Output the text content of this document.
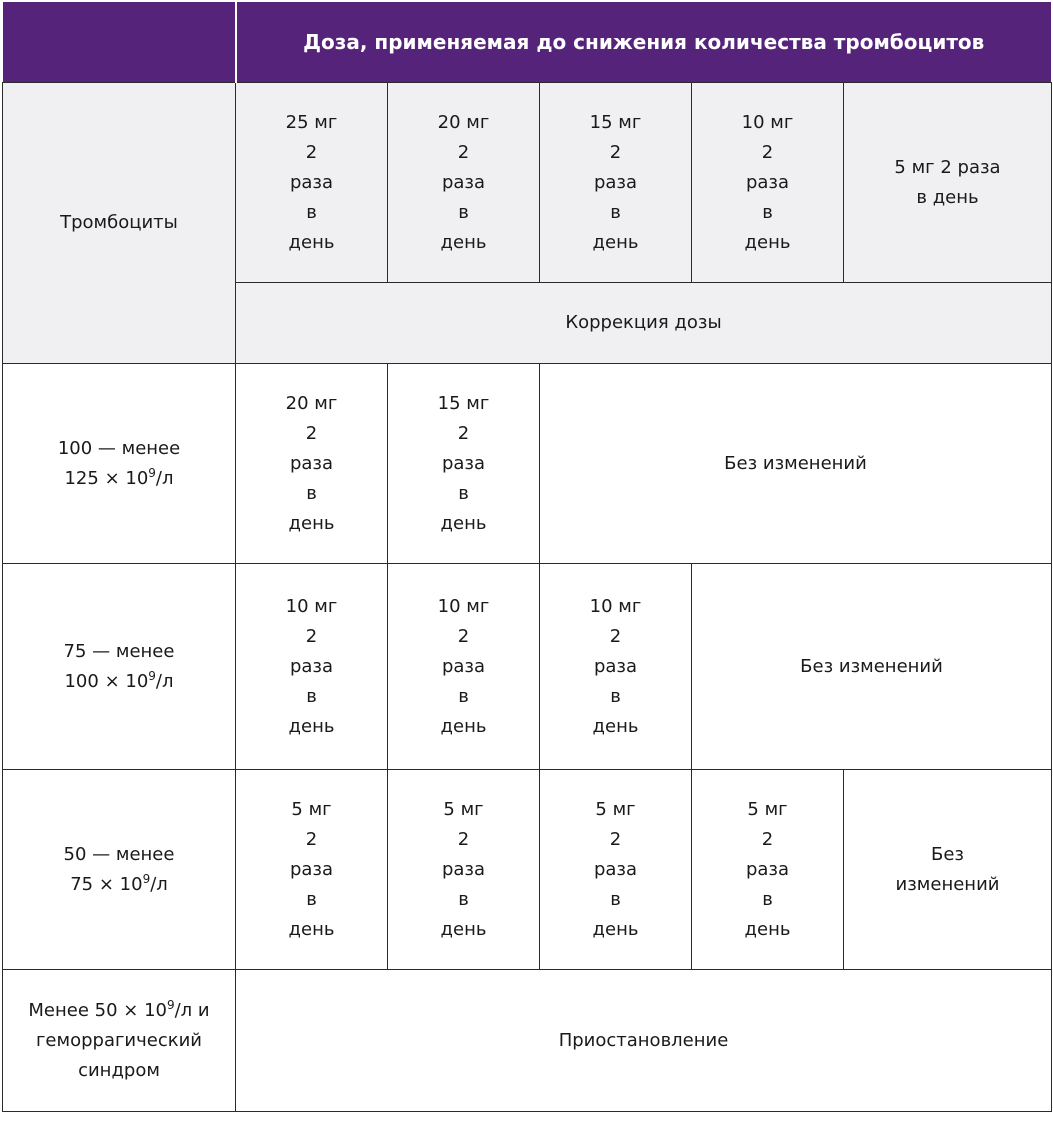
	Доза, применяемая до снижения количества тромбоцитов				
Тромбоциты	25 мг
2
раза
в
день	20 мг
2
раза
в
день	15 мг
2
раза
в
день	10 мг
2
раза
в
день	5 мг 2 раза
в день

	Коррекция дозы				

100 — менее
$125 \times 10^9/л$	20 мг
2
раза
в
день	15 мг
2
раза
в
день	Без изменений		

75 — менее
$100 \times 10^9/л$	10 мг
2
раза
в
день	10 мг
2
раза
в
день	10 мг
2
раза
в
день	Без изменений	

50 — менее
$75 \times 10^9/л$	5 мг
2
раза
в
день	5 мг
2
раза
в
день	5 мг
2
раза
в
день	5 мг
2
раза
в
день	Без
изменений

Менее $50 \times 10^9/л$ и
геморрагический
синдром	Приостановление				
